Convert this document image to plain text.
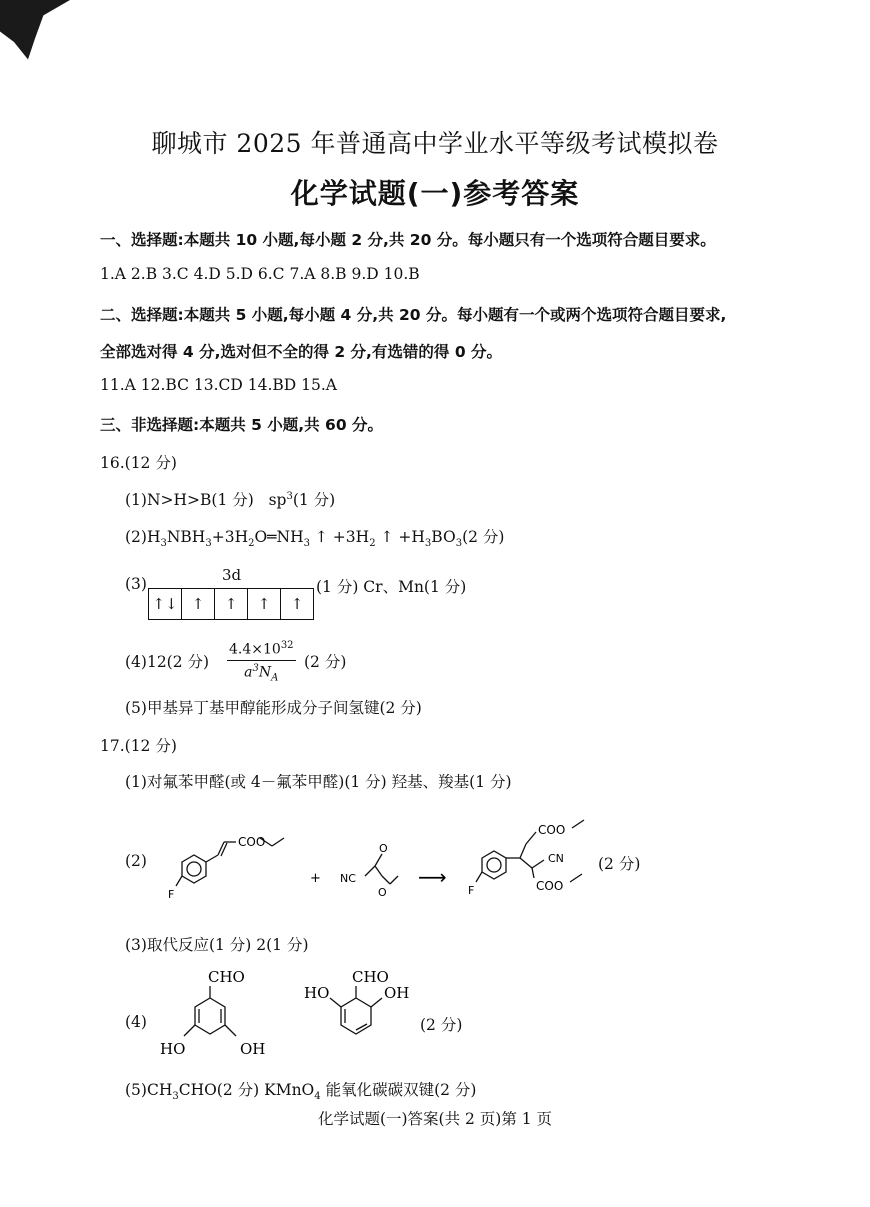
聊城市 2025 年普通高中学业水平等级考试模拟卷
化学试题(一)参考答案
一、选择题:本题共 10 小题,每小题 2 分,共 20 分。每小题只有一个选项符合题目要求。
1.A 2.B 3.C 4.D 5.D 6.C 7.A 8.B 9.D 10.B
二、选择题:本题共 5 小题,每小题 4 分,共 20 分。每小题有一个或两个选项符合题目要求,
全部选对得 4 分,选对但不全的得 2 分,有选错的得 0 分。
11.A 12.BC 13.CD 14.BD 15.A
三、非选择题:本题共 5 小题,共 60 分。
16.(12 分)
(1)N>H>B(1 分) $sp^3(1$ 分)
$(2)H_3NBH_3+3H_2O═NH_3$ ↑ $+3H_2$ ↑ $+H_3BO_3(2$ 分)
(3)	3d
↑↓ ↑	↑	↑	↑
(1 分) Cr、Mn(1 分)
(4)12(2 分) $\frac{4.4\times 10^{32}}{a^3N_A} (2$ 分)
(5)甲基异丁基甲醇能形成分子间氢键(2 分)
17.(12 分)
(1)对氟苯甲醛(或 4－氟苯甲醛)(1 分) 羟基、羧基(1 分)
(2)
COO
F
+ NC
O
O
⟶
COO
CN
COO
F
(2 分)
(3)取代反应(1 分) 2(1 分)
(4)
CHO
HO	OH
CHO
HO	OH
(2 分)
$(5)CH_3CHO(2$ 分) KMnO$_4$ 能氧化碳碳双键(2 分)
化学试题(一)答案(共 2 页)第 1 页
